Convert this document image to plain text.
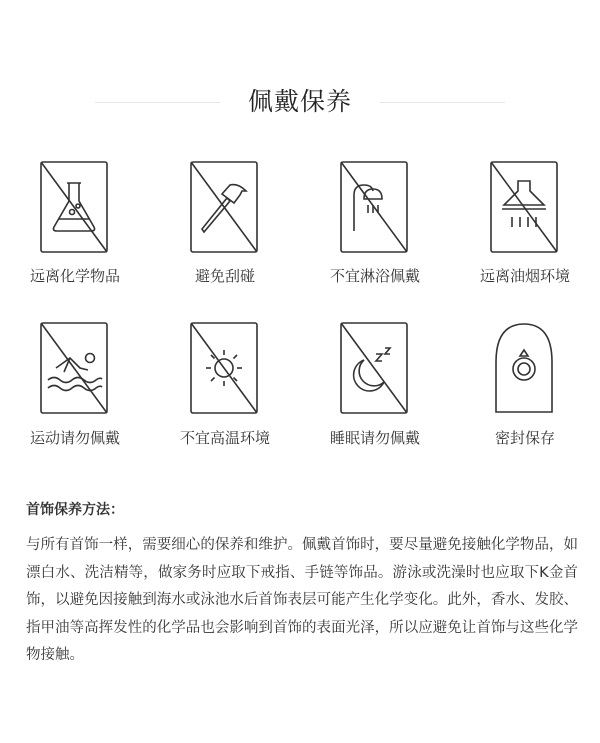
佩戴保养
远离化学物品	避免刮碰	不宜淋浴佩戴	远离油烟环境
运动请勿佩戴	不宜高温环境	睡眠请勿佩戴	密封保存
首饰保养方法：
与所有首饰一样，需要细心的保养和维护。佩戴首饰时，要尽量避免接触化学物品，如漂白水、洗洁精等，做家务时应取下戒指、手链等饰品。游泳或洗澡时也应取下K金首饰，以避免因接触到海水或泳池水后首饰表层可能产生化学变化。此外，香水、发胶、指甲油等高挥发性的化学品也会影响到首饰的表面光泽，所以应避免让首饰与这些化学物接触。
